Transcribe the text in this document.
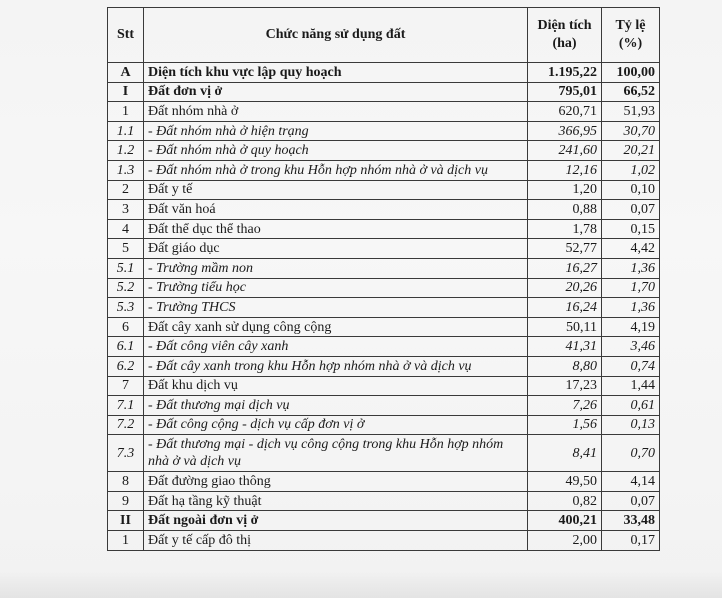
Stt	Chức năng sử dụng đất	Diện tích (ha)	Tỷ lệ (%)
A	Diện tích khu vực lập quy hoạch	1.195,22	100,00
I	Đất đơn vị ở	795,01	66,52
1	Đất nhóm nhà ở	620,71	51,93
1.1	- Đất nhóm nhà ở hiện trạng	366,95	30,70
1.2	- Đất nhóm nhà ở quy hoạch	241,60	20,21
1.3	- Đất nhóm nhà ở trong khu Hỗn hợp nhóm nhà ở và dịch vụ	12,16	1,02
2	Đất y tế	1,20	0,10
3	Đất văn hoá	0,88	0,07
4	Đất thể dục thể thao	1,78	0,15
5	Đất giáo dục	52,77	4,42
5.1	- Trường mầm non	16,27	1,36
5.2	- Trường tiểu học	20,26	1,70
5.3	- Trường THCS	16,24	1,36
6	Đất cây xanh sử dụng công cộng	50,11	4,19
6.1	- Đất công viên cây xanh	41,31	3,46
6.2	- Đất cây xanh trong khu Hỗn hợp nhóm nhà ở và dịch vụ	8,80	0,74
7	Đất khu dịch vụ	17,23	1,44
7.1	- Đất thương mại dịch vụ	7,26	0,61
7.2	- Đất công cộng - dịch vụ cấp đơn vị ở	1,56	0,13
7.3	- Đất thương mại - dịch vụ công cộng trong khu Hỗn hợp nhóm nhà ở và dịch vụ	8,41	0,70
8	Đất đường giao thông	49,50	4,14
9	Đất hạ tầng kỹ thuật	0,82	0,07
II	Đất ngoài đơn vị ở	400,21	33,48
1	Đất y tế cấp đô thị	2,00	0,17
